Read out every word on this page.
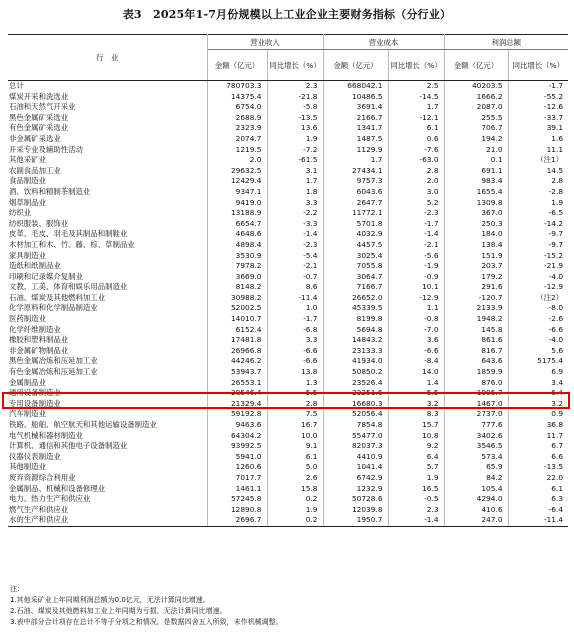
表3　2025年1-7月份规模以上工业企业主要财务指标（分行业）
行　业	营业收入		营业成本		利润总额	
	金额（亿元）	同比增长（%）	金额（亿元）	同比增长（%）	金额（亿元）	同比增长（%）
总计	780703.3	2.3	668042.1	2.5	40203.5	-1.7
煤炭开采和洗选业	14375.4	-21.8	10486.5	-14.5	1666.2	-55.2
石油和天然气开采业	6754.0	-5.8	3691.4	1.7	2087.0	-12.6
黑色金属矿采选业	2688.9	-13.5	2166.7	-12.1	255.5	-33.7
有色金属矿采选业	2323.9	13.6	1341.7	6.1	706.7	39.1
非金属矿采选业	2074.7	1.9	1487.5	0.6	194.2	1.6
开采专业及辅助性活动	1219.5	-7.2	1129.9	-7.6	21.0	11.1
其他采矿业	2.0	-61.5	1.7	-63.0	0.1	（注1）
农副食品加工业	29632.5	3.1	27434.1	2.8	691.1	14.5
食品制造业	12429.4	1.7	9757.3	2.0	983.4	2.8
酒、饮料和精制茶制造业	9347.1	1.8	6043.6	3.0	1655.4	-2.8
烟草制品业	9419.0	3.3	2647.7	5.2	1309.8	1.9
纺织业	13188.9	-2.2	11772.1	-2.3	367.0	-6.5
纺织服装、服饰业	6654.7	-3.3	5701.8	-1.7	250.3	-14.2
皮革、毛皮、羽毛及其制品和制鞋业	4648.6	-1.4	4032.9	-1.4	184.0	-9.7
木材加工和木、竹、藤、棕、草制品业	4898.4	-2.3	4457.5	-2.1	138.4	-9.7
家具制造业	3530.9	-5.4	3025.4	-5.6	151.9	-15.2
造纸和纸制品业	7978.2	-2.1	7055.8	-1.9	203.7	-21.9
印刷和记录媒介复制业	3669.0	-0.7	3064.7	-0.9	179.2	-4.0
文教、工美、体育和娱乐用品制造业	8148.2	8.6	7166.7	10.1	291.6	-12.9
石油、煤炭及其他燃料加工业	30988.2	-11.4	26652.0	-12.9	-120.7	（注2）
化学原料和化学制品制造业	52002.5	1.0	45339.5	1.1	2133.9	-8.0
医药制造业	14010.7	-1.7	8199.8	-0.8	1948.2	-2.6
化学纤维制造业	6152.4	-6.8	5694.8	-7.0	145.8	-6.6
橡胶和塑料制品业	17481.8	3.3	14843.2	3.6	861.6	-4.0
非金属矿物制品业	26966.8	-6.6	23133.3	-6.6	816.7	5.6
黑色金属冶炼和压延加工业	44246.2	-6.6	41934.0	-8.4	643.6	5175.4
有色金属冶炼和压延加工业	53943.7	13.8	50850.2	14.0	1859.9	6.9
金属制品业	26553.1	1.3	23526.4	1.4	876.0	3.4
通用设备制造业	28546.4	5.5	23251.6	5.5	1905.7	6.4
专用设备制造业	21329.4	2.8	16680.3	3.2	1467.0	3.2
汽车制造业	59192.8	7.5	52056.4	8.3	2737.0	0.9
铁路、船舶、航空航天和其他运输设备制造业	9463.6	16.7	7854.8	15.7	777.6	36.8
电气机械和器材制造业	64304.2	10.0	55477.0	10.8	3402.6	11.7
计算机、通信和其他电子设备制造业	93992.5	9.1	82037.3	9.2	3546.5	6.7
仪器仪表制造业	5941.0	6.1	4410.9	6.4	573.4	6.6
其他制造业	1260.6	5.0	1041.4	5.7	65.9	-13.5
废弃资源综合利用业	7017.7	2.6	6742.9	1.9	84.2	22.0
金属制品、机械和设备修理业	1461.1	15.8	1232.9	16.5	105.4	6.1
电力、热力生产和供应业	57245.8	0.2	50728.6	-0.5	4294.0	6.3
燃气生产和供应业	12890.8	1.9	12039.8	2.3	410.6	-6.4
水的生产和供应业	2696.7	0.2	1950.7	-1.4	247.0	-11.4
注：
1.其他采矿业上年同期利润总额为0.0亿元，无法计算同比增速。
2.石油、煤炭及其他燃料加工业上年同期为亏损，无法计算同比增速。
3.表中部分合计项存在总计不等于分项之和情况，是数据四舍五入所致，未作机械调整。
